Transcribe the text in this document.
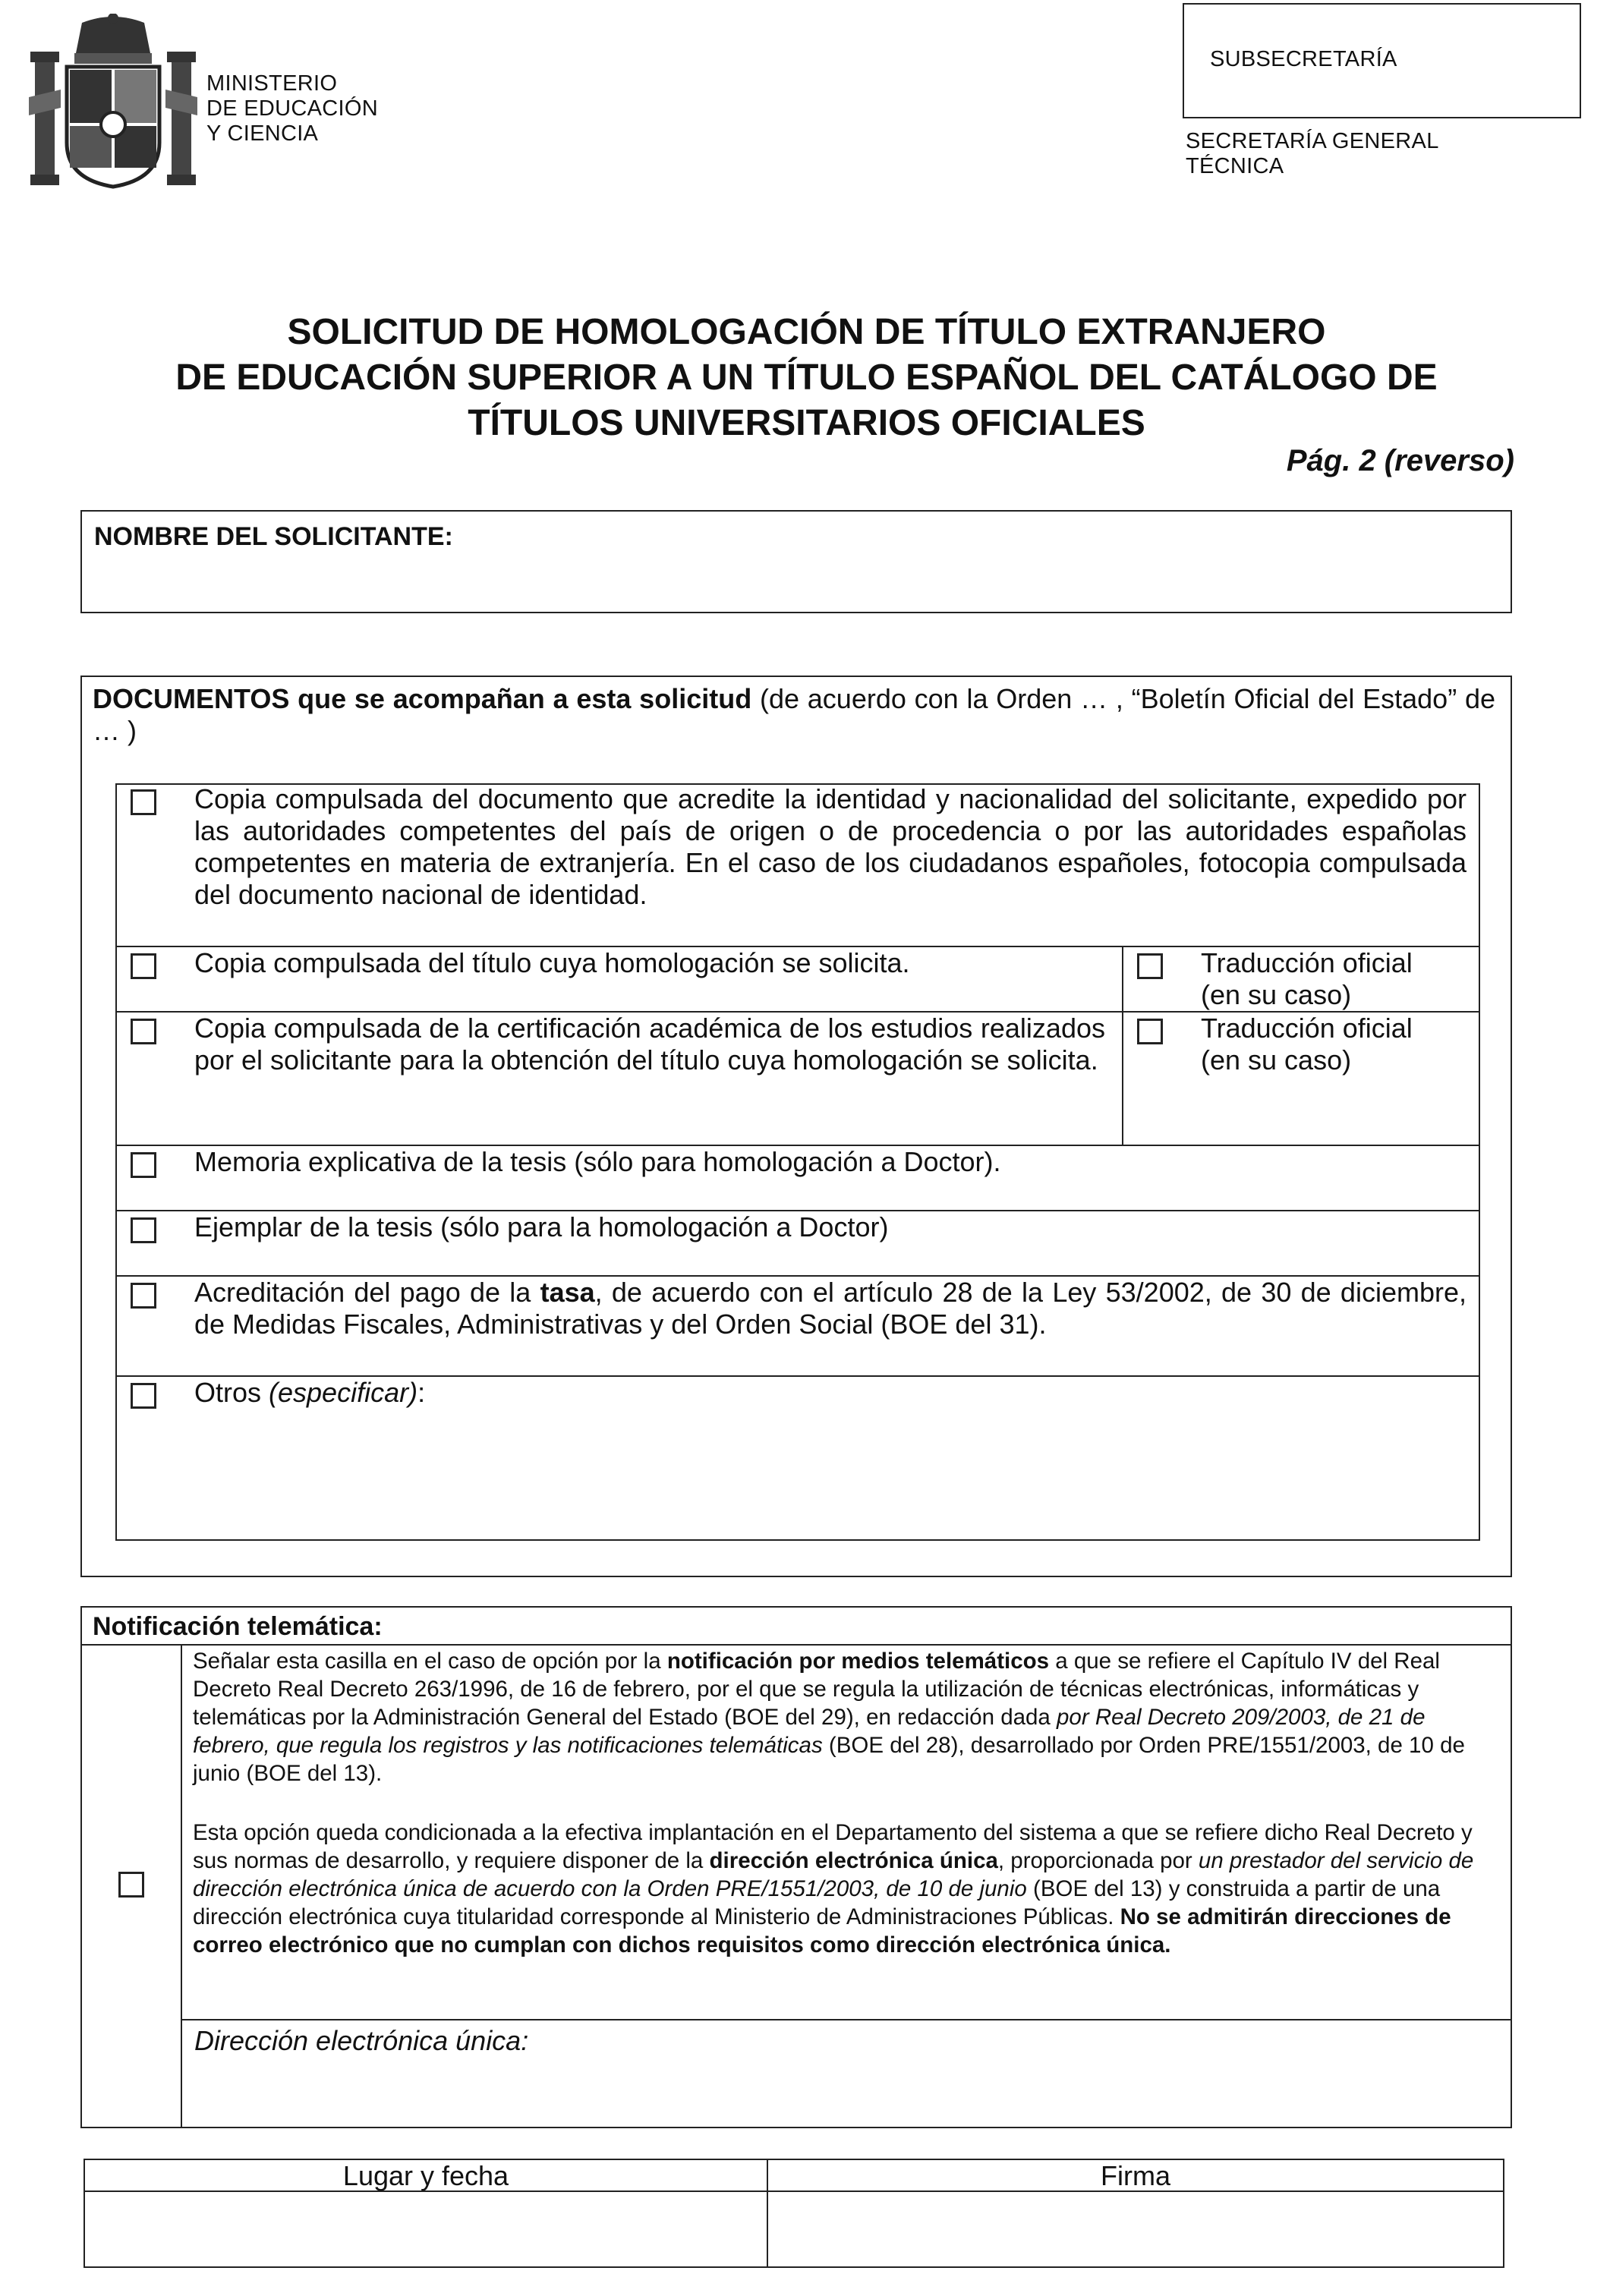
MINISTERIO
DE EDUCACIÓN
Y CIENCIA
SUBSECRETARÍA
SECRETARÍA GENERAL
TÉCNICA
SOLICITUD DE HOMOLOGACIÓN DE TÍTULO EXTRANJERO
DE EDUCACIÓN SUPERIOR A UN TÍTULO ESPAÑOL DEL CATÁLOGO DE
TÍTULOS UNIVERSITARIOS OFICIALES
Pág. 2 (reverso)
NOMBRE DEL SOLICITANTE:
DOCUMENTOS que se acompañan a esta solicitud (de acuerdo con la Orden … , “Boletín Oficial del Estado” de … )
Copia compulsada del documento que acredite la identidad y nacionalidad del solicitante, expedido por las autoridades competentes del país de origen o de procedencia o por las autoridades españolas competentes en materia de extranjería. En el caso de los ciudadanos españoles, fotocopia compulsada del documento nacional de identidad.
Copia compulsada del título cuya homologación se solicita.	Traducción oficial
(en su caso)
Copia compulsada de la certificación académica de los estudios realizados por el solicitante para la obtención del título cuya homologación se solicita.
Traducción oficial
(en su caso)
Memoria explicativa de la tesis (sólo para homologación a Doctor).
Ejemplar de la tesis (sólo para la homologación a Doctor)
Acreditación del pago de la tasa, de acuerdo con el artículo 28 de la Ley 53/2002, de 30 de diciembre, de Medidas Fiscales, Administrativas y del Orden Social (BOE del 31).
Otros (especificar):
Notificación telemática:
Señalar esta casilla en el caso de opción por la notificación por medios telemáticos a que se refiere el Capítulo IV del Real Decreto Real Decreto 263/1996, de 16 de febrero, por el que se regula la utilización de técnicas electrónicas, informáticas y telemáticas por la Administración General del Estado (BOE del 29), en redacción dada por Real Decreto 209/2003, de 21 de febrero, que regula los registros y las notificaciones telemáticas (BOE del 28), desarrollado por Orden PRE/1551/2003, de 10 de junio (BOE del 13).
Esta opción queda condicionada a la efectiva implantación en el Departamento del sistema a que se refiere dicho Real Decreto y sus normas de desarrollo, y requiere disponer de la dirección electrónica única, proporcionada por un prestador del servicio de dirección electrónica única de acuerdo con la Orden PRE/1551/2003, de 10 de junio (BOE del 13) y construida a partir de una dirección electrónica cuya titularidad corresponde al Ministerio de Administraciones Públicas. No se admitirán direcciones de correo electrónico que no cumplan con dichos requisitos como dirección electrónica única.
Dirección electrónica única:
Lugar y fecha	Firma
